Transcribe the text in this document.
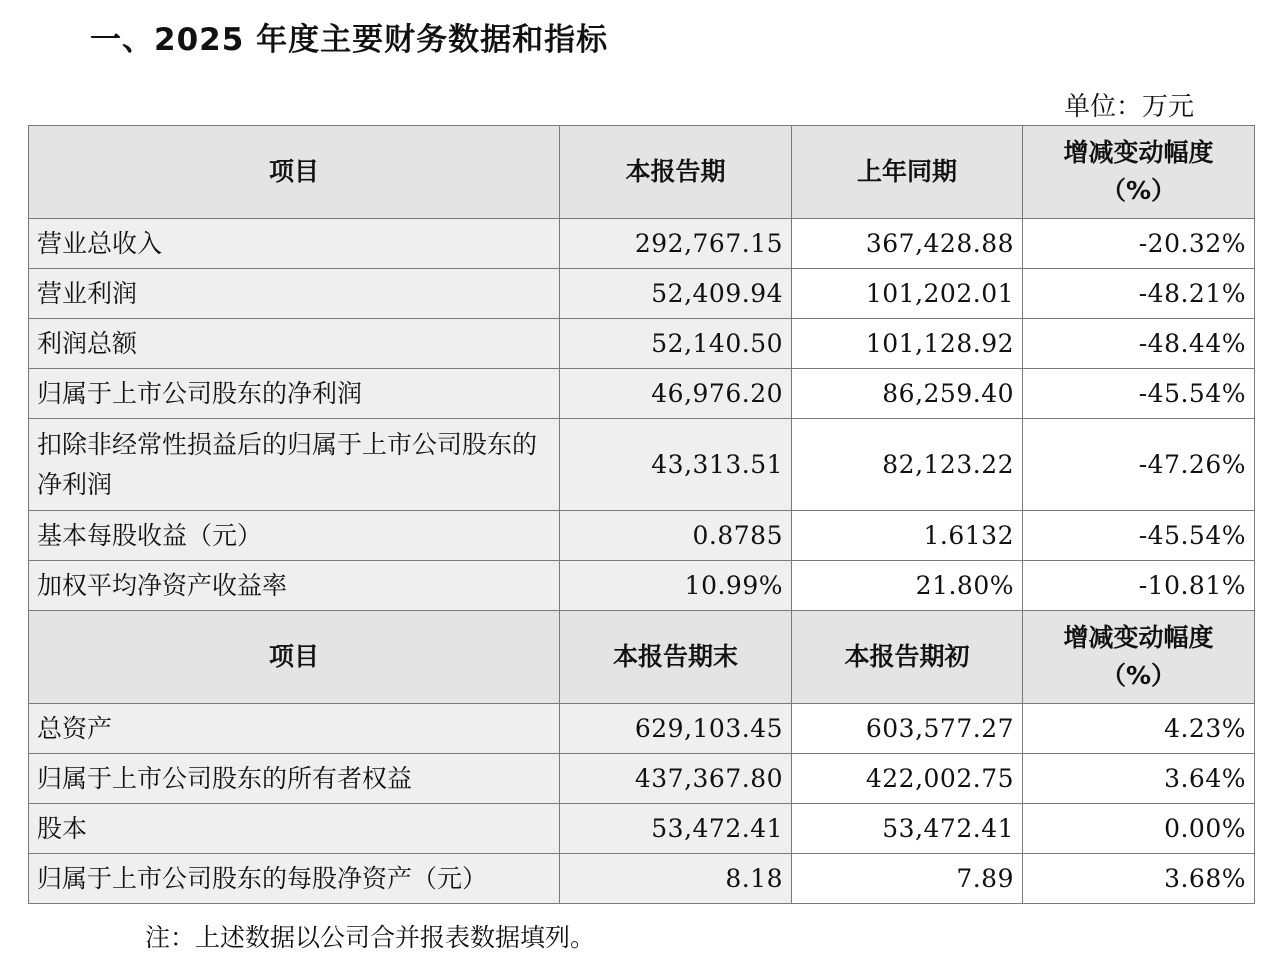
一、2025 年度主要财务数据和指标
单位：万元
项目	本报告期	上年同期	增减变动幅度
（%）
营业总收入	292,767.15	367,428.88	-20.32%
营业利润	52,409.94	101,202.01	-48.21%
利润总额	52,140.50	101,128.92	-48.44%
归属于上市公司股东的净利润	46,976.20	86,259.40	-45.54%
扣除非经常性损益后的归属于上市公司股东的净利润	43,313.51	82,123.22	-47.26%
基本每股收益（元）	0.8785	1.6132	-45.54%
加权平均净资产收益率	10.99%	21.80%	-10.81%
项目	本报告期末	本报告期初	增减变动幅度
（%）
总资产	629,103.45	603,577.27	4.23%
归属于上市公司股东的所有者权益	437,367.80	422,002.75	3.64%
股本	53,472.41	53,472.41	0.00%
归属于上市公司股东的每股净资产（元）	8.18	7.89	3.68%
注：上述数据以公司合并报表数据填列。
